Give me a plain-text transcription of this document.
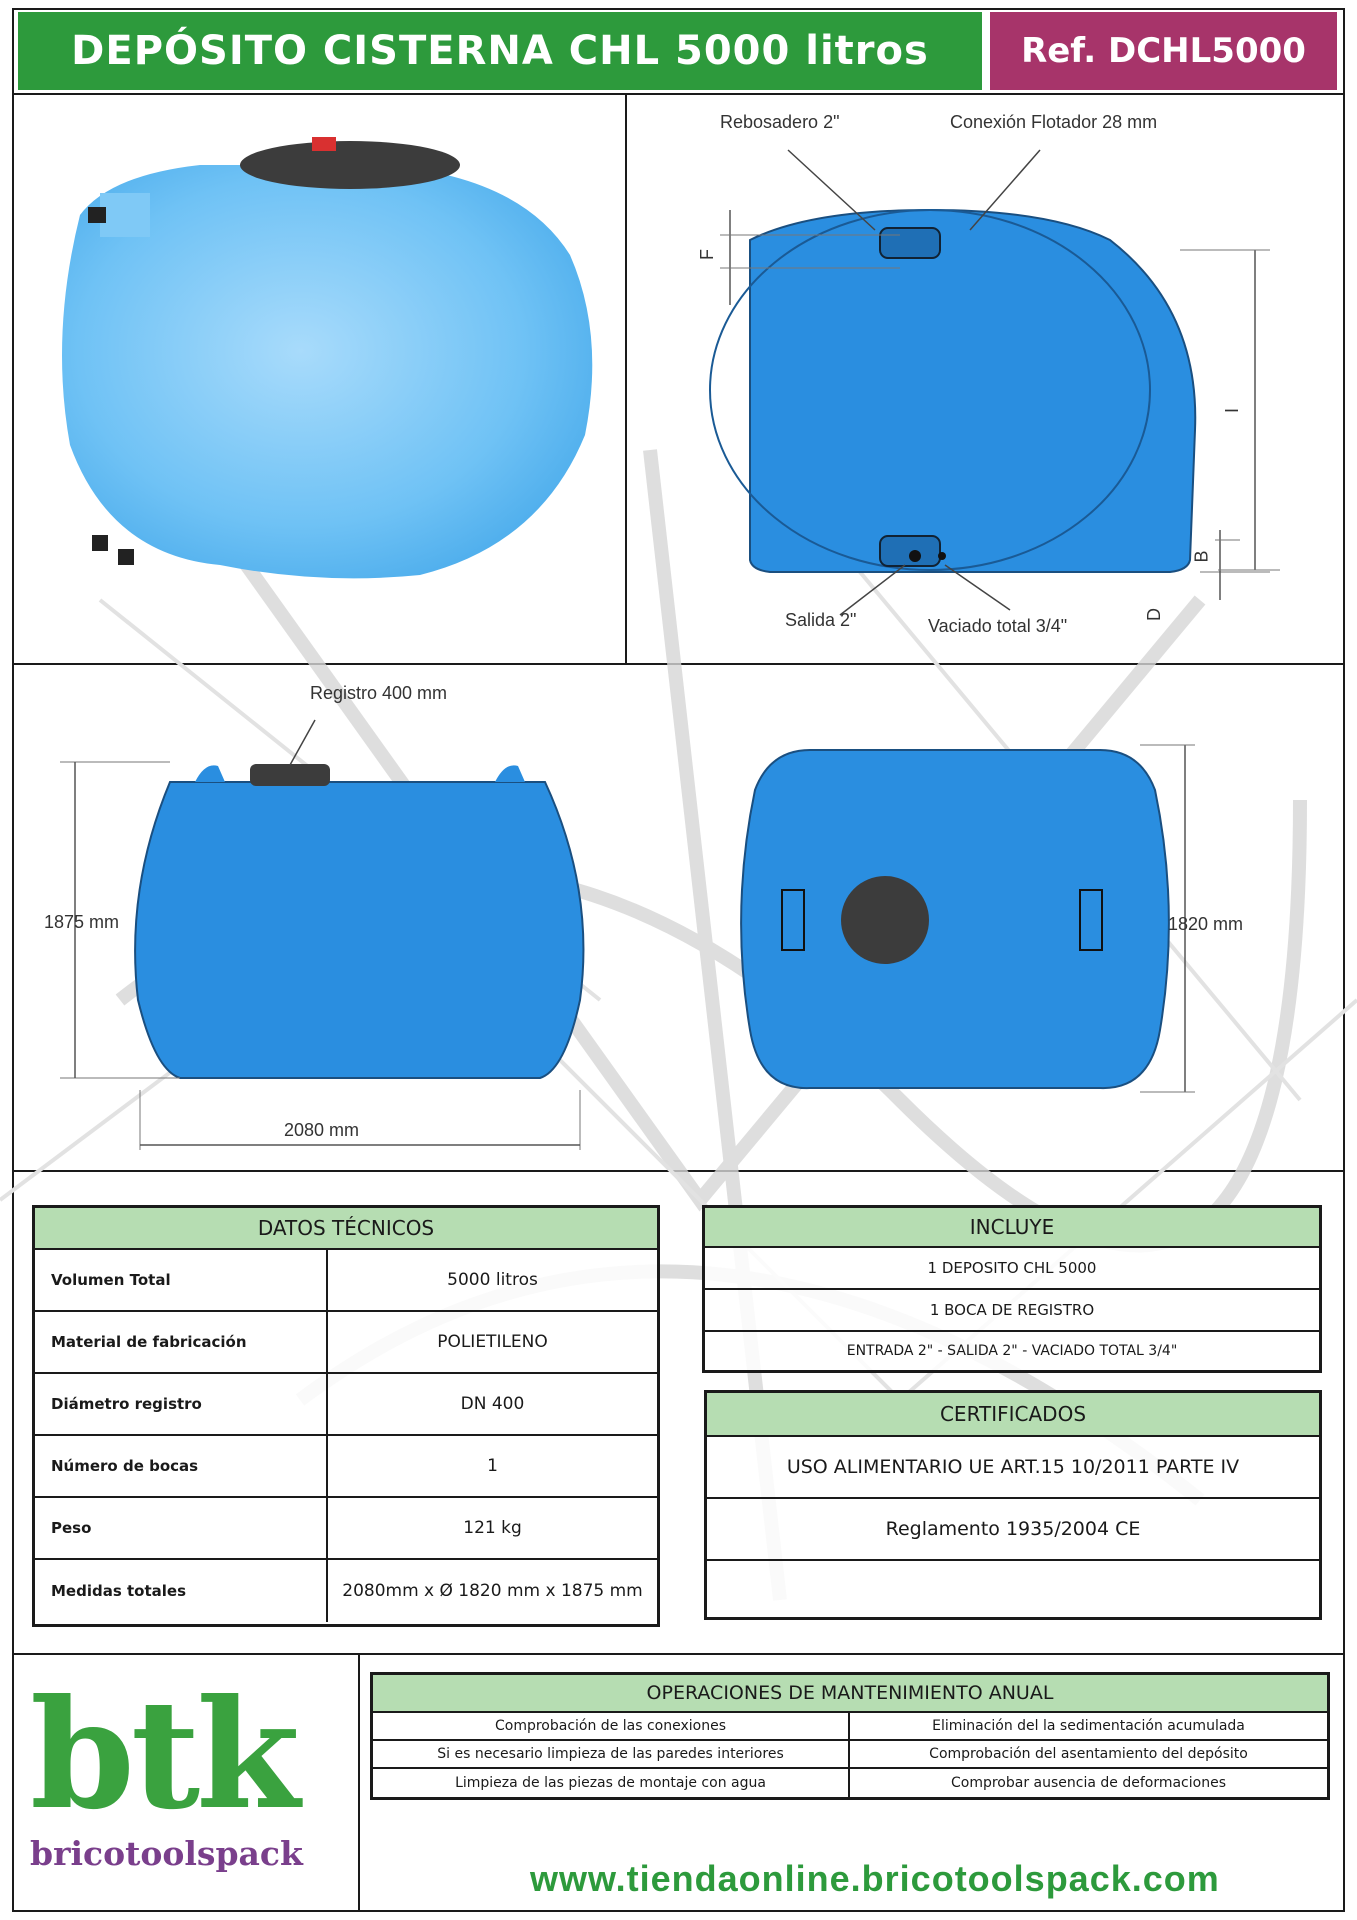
DEPÓSITO CISTERNA CHL 5000 litros	Ref. DCHL5000
Rebosadero 2"	Conexión Flotador 28 mm
Salida 2"	Vaciado total 3/4"
F
I
B
D
Registro 400 mm
1875 mm
2080 mm
1820 mm
DATOS TÉCNICOS
Volumen Total	5000 litros
Material de fabricación	POLIETILENO
Diámetro registro	DN 400
Número de bocas	1
Peso	121 kg
Medidas totales	2080mm x Ø 1820 mm x 1875 mm
INCLUYE
1 DEPOSITO CHL 5000
1 BOCA DE REGISTRO
ENTRADA 2" - SALIDA 2" - VACIADO TOTAL 3/4"
CERTIFICADOS
USO ALIMENTARIO UE ART.15 10/2011 PARTE IV
Reglamento 1935/2004 CE
btk
bricotoolspack
OPERACIONES DE MANTENIMIENTO ANUAL
Comprobación de las conexiones	Eliminación del la sedimentación acumulada
Si es necesario limpieza de las paredes interiores	Comprobación del asentamiento del depósito
Limpieza de las piezas de montaje con agua	Comprobar ausencia de deformaciones
www.tiendaonline.bricotoolspack.com
